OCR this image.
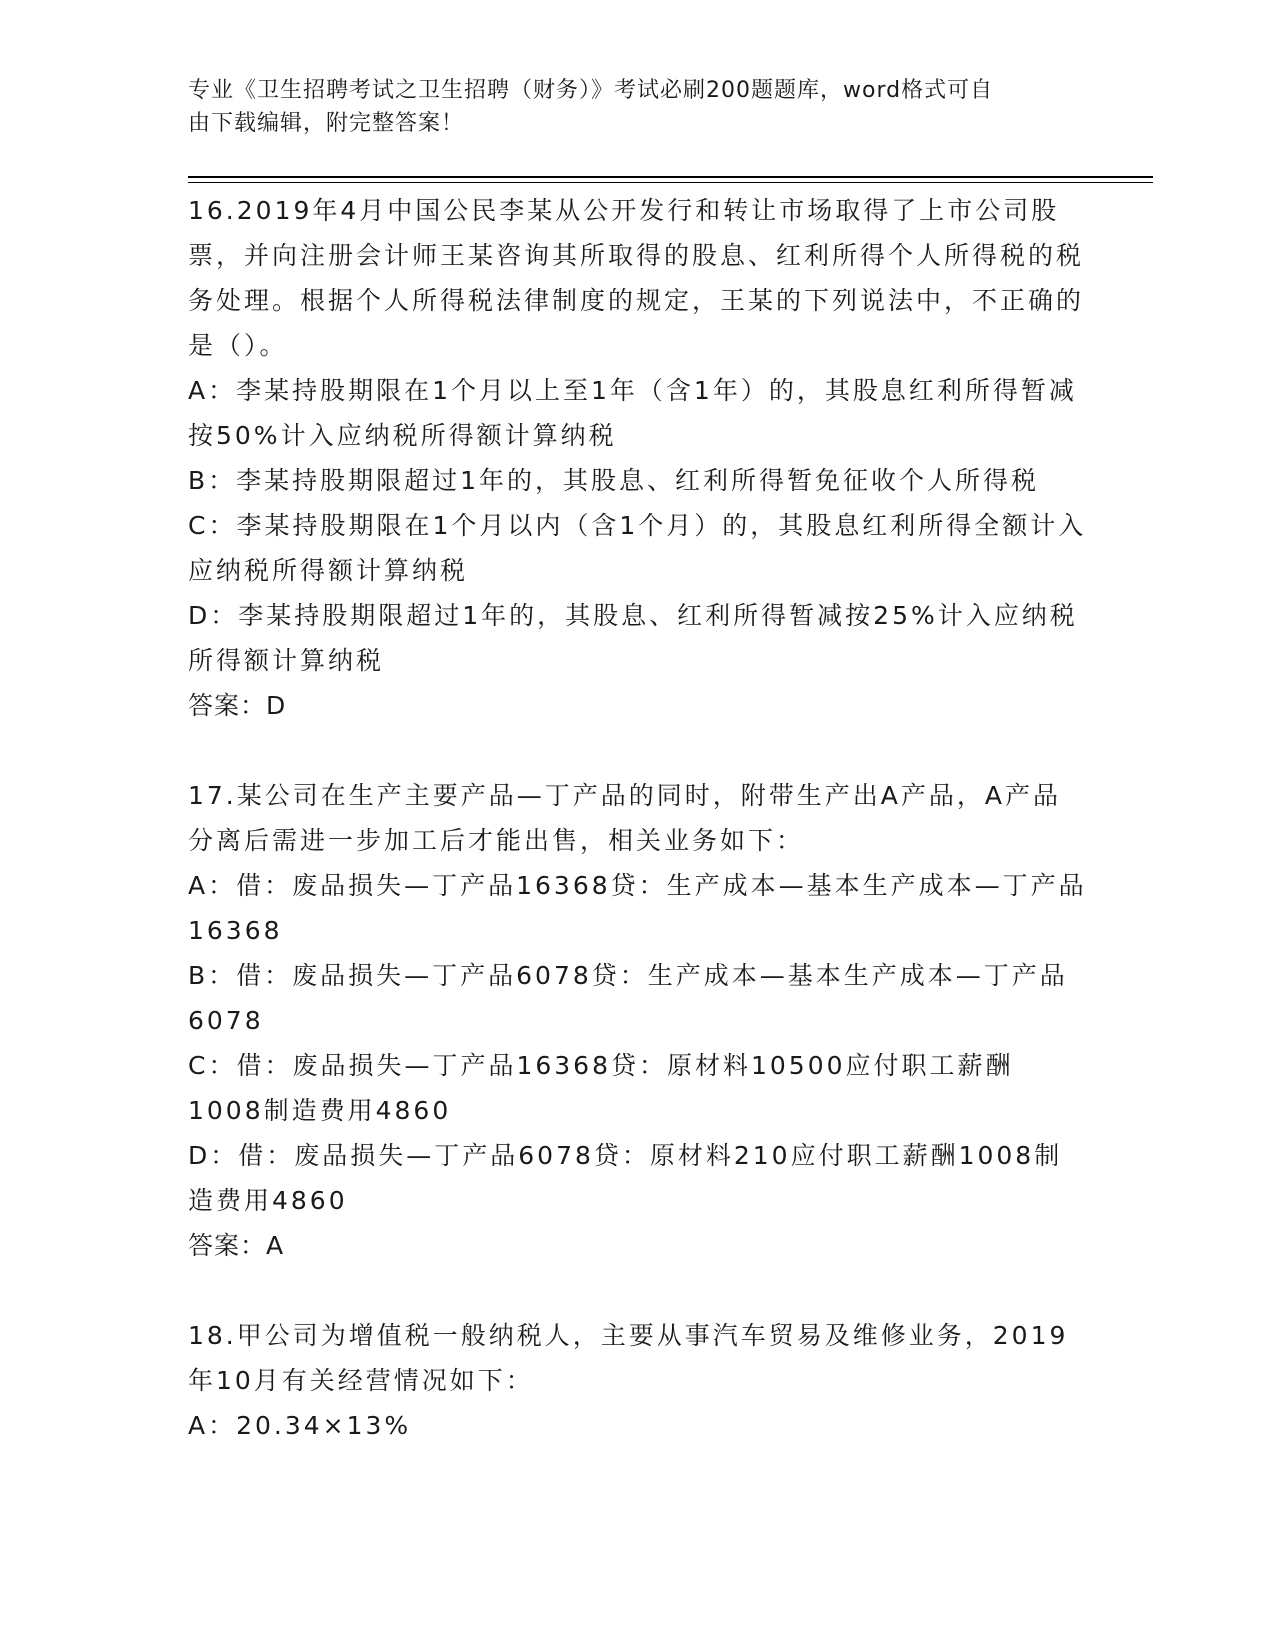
专业《卫生招聘考试之卫生招聘（财务）》考试必刷200题题库，word格式可自
由下载编辑，附完整答案！

16.2019年4月中国公民李某从公开发行和转让市场取得了上市公司股票，并向注册会计师王某咨询其所取得的股息、红利所得个人所得税的税务处理。根据个人所得税法律制度的规定，王某的下列说法中，不正确的是（）。

A：李某持股期限在1个月以上至1年（含1年）的，其股息红利所得暂减按50%计入应纳税所得额计算纳税

B：李某持股期限超过1年的，其股息、红利所得暂免征收个人所得税

C：李某持股期限在1个月以内（含1个月）的，其股息红利所得全额计入应纳税所得额计算纳税

D：李某持股期限超过1年的，其股息、红利所得暂减按25%计入应纳税所得额计算纳税

答案：D

17.某公司在生产主要产品—丁产品的同时，附带生产出A产品，A产品分离后需进一步加工后才能出售，相关业务如下：

A：借：废品损失—丁产品16368贷：生产成本—基本生产成本—丁产品16368

B：借：废品损失—丁产品6078贷：生产成本—基本生产成本—丁产品6078

C：借：废品损失—丁产品16368贷：原材料10500应付职工薪酬1008制造费用4860

D：借：废品损失—丁产品6078贷：原材料210应付职工薪酬1008制造费用4860

答案：A

18.甲公司为增值税一般纳税人，主要从事汽车贸易及维修业务，2019年10月有关经营情况如下：

A：20.34×13%
